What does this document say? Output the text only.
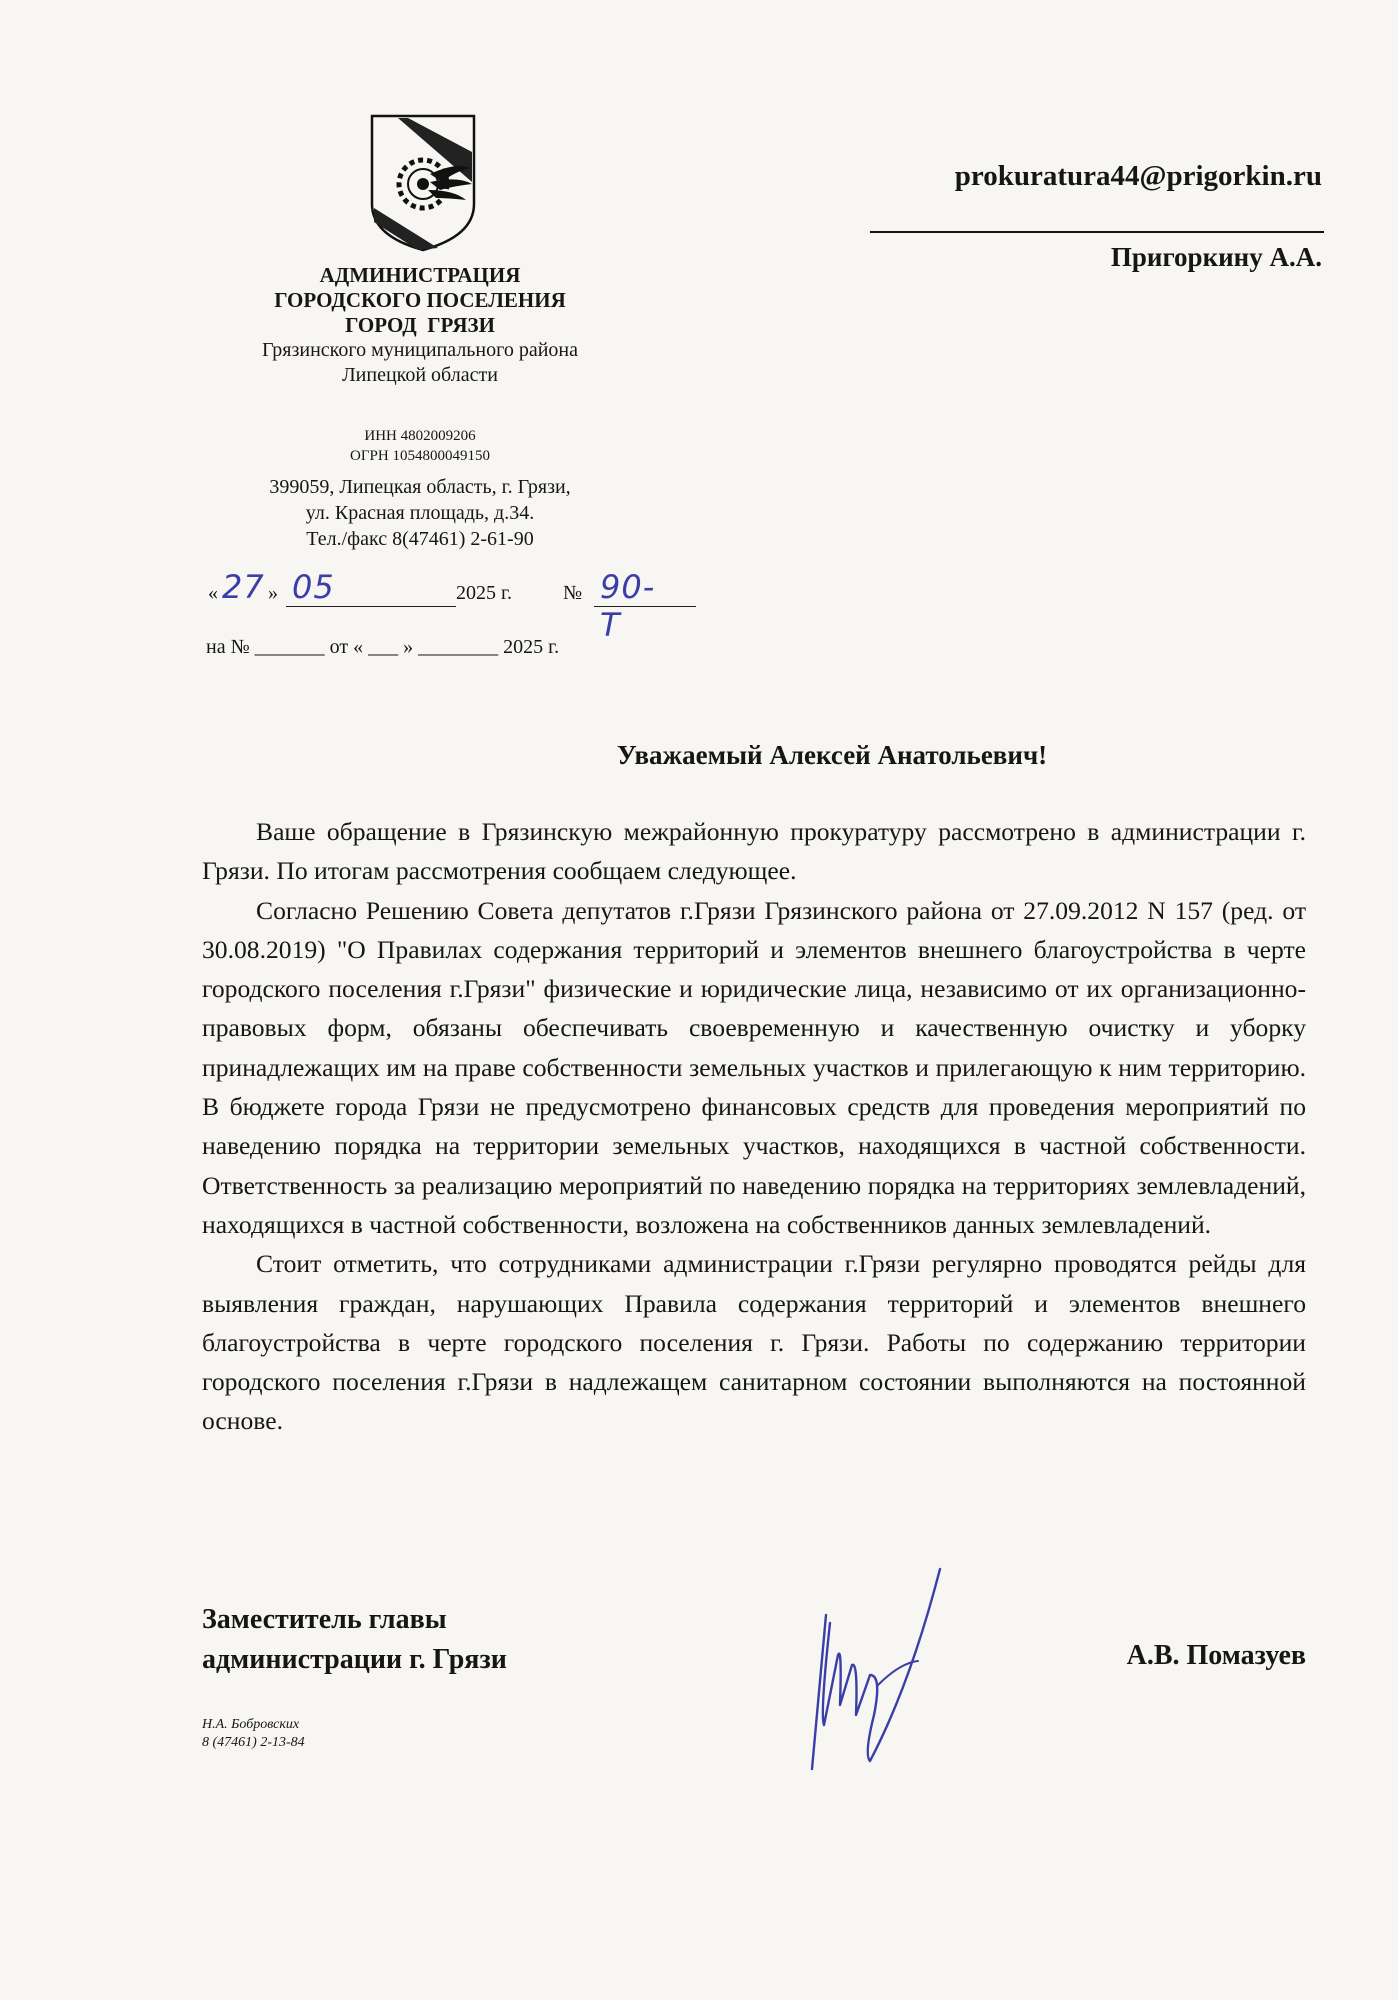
АДМИНИСТРАЦИЯ
ГОРОДСКОГО ПОСЕЛЕНИЯ
ГОРОД  ГРЯЗИ
Грязинского муниципального района
Липецкой области
ИНН 4802009206
ОГРН 1054800049150
399059, Липецкая область, г. Грязи,
ул. Красная площадь, д.34.
Тел./факс 8(47461) 2-61-90
« 27 » 05	2025 г.	№ 90-Т
на № _______ от « ___ » ________ 2025 г.
prokuratura44@prigorkin.ru
Пригоркину А.А.
Уважаемый Алексей Анатольевич!

Ваше обращение в Грязинскую межрайонную прокуратуру рассмотрено в администрации г. Грязи. По итогам рассмотрения сообщаем следующее.

Согласно Решению Совета депутатов г.Грязи Грязинского района от 27.09.2012 N 157 (ред. от 30.08.2019) "О Правилах содержания территорий и элементов внешнего благоустройства в черте городского поселения г.Грязи" физические и юридические лица, независимо от их организационно-правовых форм, обязаны обеспечивать своевременную и качественную очистку и уборку принадлежащих им на праве собственности земельных участков и прилегающую к ним территорию. В бюджете города Грязи не предусмотрено финансовых средств для проведения мероприятий по наведению порядка на территории земельных участков, находящихся в частной собственности. Ответственность за реализацию мероприятий по наведению порядка на территориях землевладений, находящихся в частной собственности, возложена на собственников данных землевладений.

Стоит отметить, что сотрудниками администрации г.Грязи регулярно проводятся рейды для выявления граждан, нарушающих Правила содержания территорий и элементов внешнего благоустройства в черте городского поселения г. Грязи. Работы по содержанию территории городского поселения г.Грязи в надлежащем санитарном состоянии выполняются на постоянной основе.

Заместитель главы
администрации г. Грязи	А.В. Помазуев
Н.А. Бобровских
8 (47461) 2-13-84
